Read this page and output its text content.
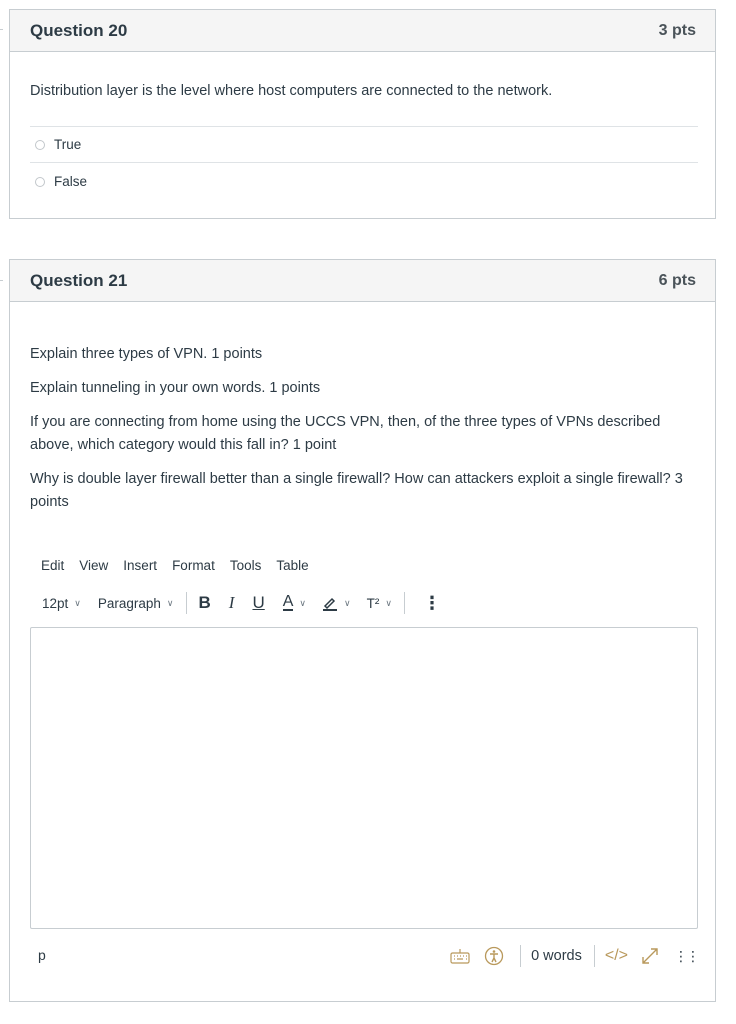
Question 20	3 pts
Distribution layer is the level where host computers are connected to the network.
True
False
Question 21	6 pts
Explain three types of VPN. 1 points
Explain tunneling in your own words. 1 points
If you are connecting from home using the UCCS VPN, then, of the three types of VPNs described above, which category would this fall in? 1 point
Why is double layer firewall better than a single firewall? How can attackers exploit a single firewall? 3 points
Edit View Insert Format Tools Table
12pt ∨ Paragraph ∨ B I U A ∨	∨ T² ∨ ⋮
p	0 words </>	⋮⋮
